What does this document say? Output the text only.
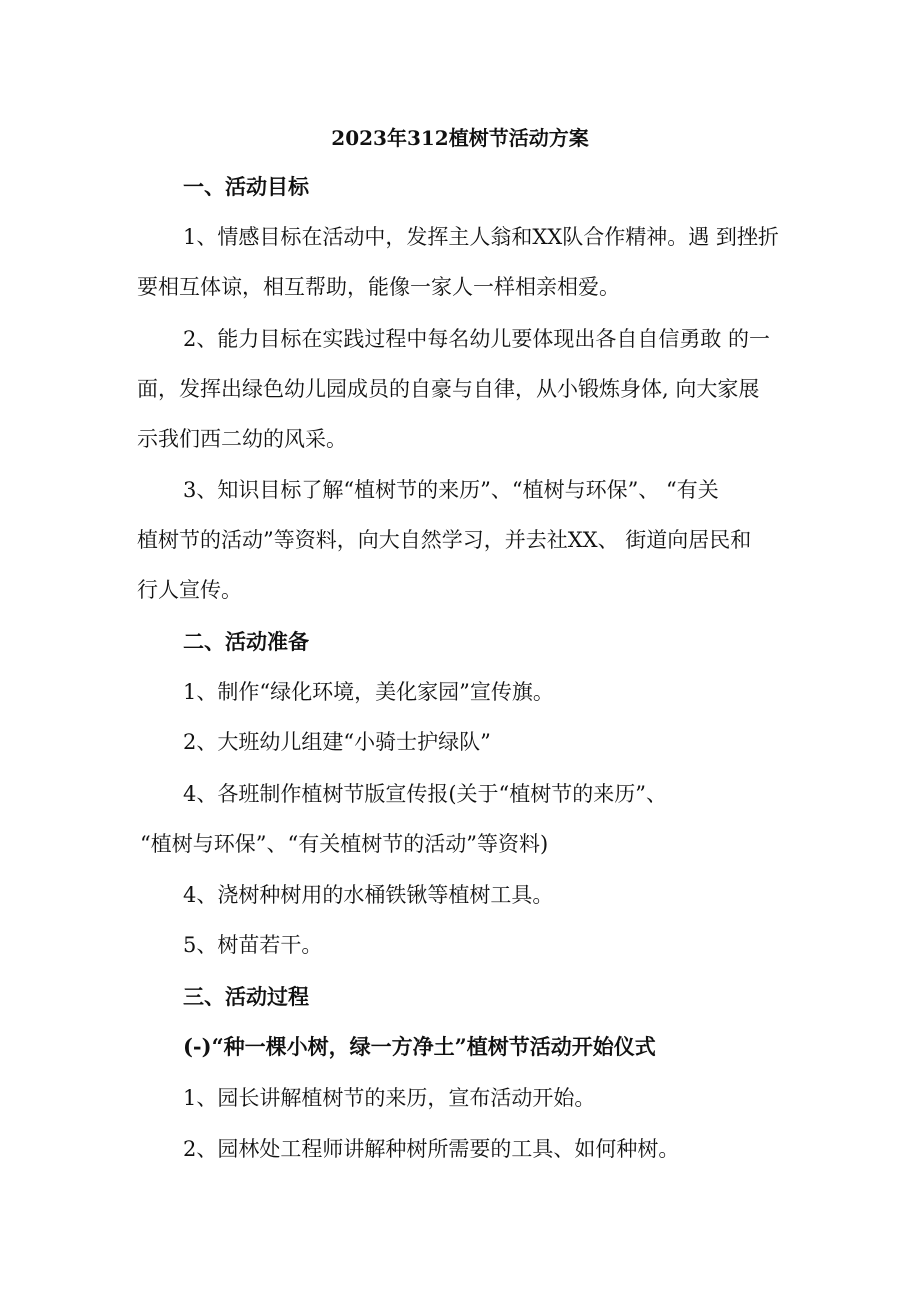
2023年312植树节活动方案
一、活动目标
1、情感目标在活动中，发挥主人翁和XX队合作精神。遇 到挫折
要相互体谅，相互帮助，能像一家人一样相亲相爱。
2、能力目标在实践过程中每名幼儿要体现出各自自信勇敢 的一
面，发挥出绿色幼儿园成员的自豪与自律，从小锻炼身体, 向大家展
示我们西二幼的风采。
3、知识目标了解“植树节的来历”、“植树与环保”、 “有关
植树节的活动”等资料，向大自然学习，并去社XX、 街道向居民和
行人宣传。
二、活动准备
1、制作“绿化环境，美化家园”宣传旗。
2、大班幼儿组建“小骑士护绿队”
4、各班制作植树节版宣传报(关于“植树节的来历”、
“植树与环保”、“有关植树节的活动”等资料)
4、浇树种树用的水桶铁锹等植树工具。
5、树苗若干。
三、活动过程
(-)“种一棵小树，绿一方净土”植树节活动开始仪式
1、园长讲解植树节的来历，宣布活动开始。
2、园林处工程师讲解种树所需要的工具、如何种树。
